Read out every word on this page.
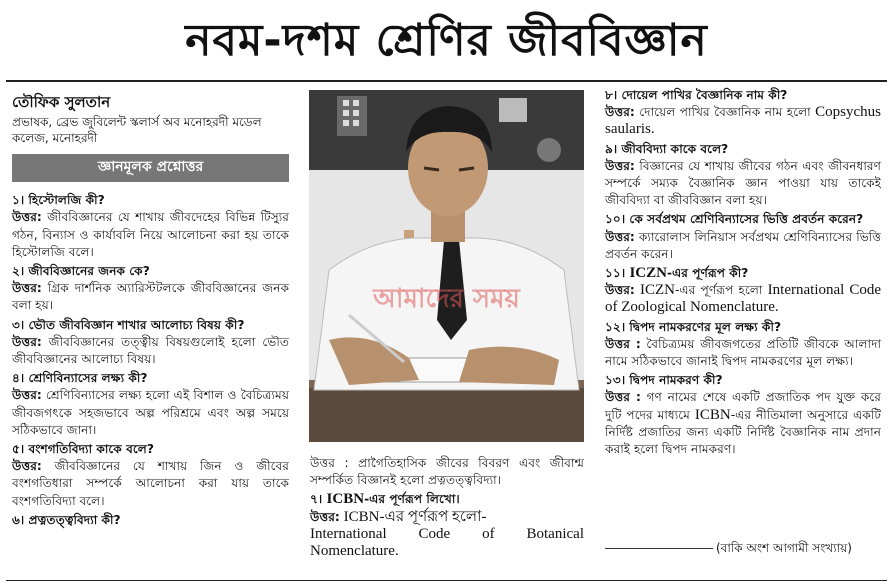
নবম-দশম শ্রেণির জীববিজ্ঞান
তৌফিক সুলতান
প্রভাষক, ব্রেভ জুবিলেন্ট স্কলার্স অব মনোহরদী মডেল কলেজ, মনোহরদী
জ্ঞানমূলক প্রশ্নোত্তর
১। হিস্টোলজি কী?
উত্তর: জীববিজ্ঞানের যে শাখায় জীবদেহের বিভিন্ন টিস্যুর গঠন, বিন্যাস ও কার্যাবলি নিয়ে আলোচনা করা হয় তাকে হিস্টোলজি বলে।
২। জীববিজ্ঞানের জনক কে?
উত্তর: গ্রিক দার্শনিক অ্যারিস্টটলকে জীববিজ্ঞানের জনক বলা হয়।
৩। ভৌত জীববিজ্ঞান শাখার আলোচ্য বিষয় কী?
উত্তর: জীববিজ্ঞানের তত্ত্বীয় বিষয়গুলোই হলো ভৌত জীববিজ্ঞানের আলোচ্য বিষয়।
৪। শ্রেণিবিন্যাসের লক্ষ্য কী?
উত্তর: শ্রেণিবিন্যাসের লক্ষ্য হলো এই বিশাল ও বৈচিত্র্যময় জীবজগৎকে সহজভাবে অল্প পরিশ্রমে এবং অল্প সময়ে সঠিকভাবে জানা।
৫। বংশগতিবিদ্যা কাকে বলে?
উত্তর: জীববিজ্ঞানের যে শাখায় জিন ও জীবের বংশগতিধারা সম্পর্কে আলোচনা করা যায় তাকে বংশগতিবিদ্যা বলে।
৬। প্রত্নতত্ত্ববিদ্যা কী?
আমাদের সময়
উত্তর : প্রাগৈতিহাসিক জীবের বিবরণ এবং জীবাশ্ম সম্পর্কিত বিজ্ঞানই হলো প্রত্নতত্ত্ববিদ্যা।
৭। ICBN-এর পূর্ণরূপ লিখো।
উত্তর: ICBN-এর পূর্ণরূপ হলো-
International Code of Botanical Nomenclature.
৮। দোয়েল পাখির বৈজ্ঞানিক নাম কী?
উত্তর: দোয়েল পাখির বৈজ্ঞানিক নাম হলো Copsychus saularis.
৯। জীববিদ্যা কাকে বলে?
উত্তর: বিজ্ঞানের যে শাখায় জীবের গঠন এবং জীবনধারণ সম্পর্কে সম্যক বৈজ্ঞানিক জ্ঞান পাওয়া যায় তাকেই জীববিদ্যা বা জীববিজ্ঞান বলা হয়।
১০। কে সর্বপ্রথম শ্রেণিবিন্যাসের ভিত্তি প্রবর্তন করেন?
উত্তর: ক্যারোলাস লিনিয়াস সর্বপ্রথম শ্রেণিবিন্যাসের ভিত্তি প্রবর্তন করেন।
১১। ICZN-এর পূর্ণরূপ কী?
উত্তর: ICZN-এর পূর্ণরূপ হলো International Code of Zoological Nomenclature.
১২। দ্বিপদ নামকরণের মূল লক্ষ্য কী?
উত্তর : বৈচিত্র্যময় জীবজগতের প্রতিটি জীবকে আলাদা নামে সঠিকভাবে জানাই দ্বিপদ নামকরণের মূল লক্ষ্য।
১৩। দ্বিপদ নামকরণ কী?
উত্তর : গণ নামের শেষে একটি প্রজাতিক পদ যুক্ত করে দুটি পদের মাধ্যমে ICBN-এর নীতিমালা অনুসারে একটি নির্দিষ্ট প্রজাতির জন্য একটি নির্দিষ্ট বৈজ্ঞানিক নাম প্রদান করাই হলো দ্বিপদ নামকরণ।
(বাকি অংশ আগামী সংখ্যায়)
